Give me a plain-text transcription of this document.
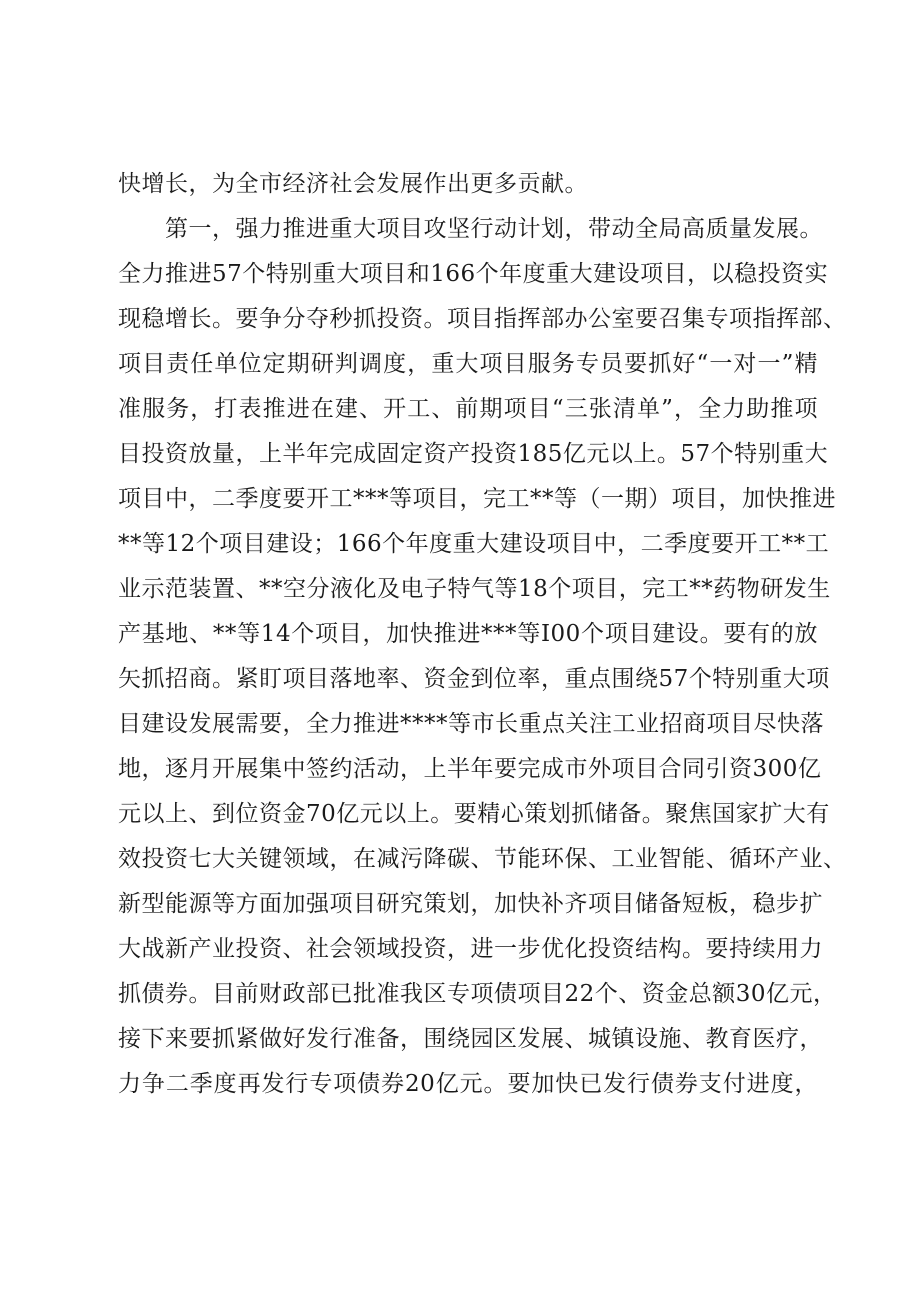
快增长，为全市经济社会发展作出更多贡献。
第一，强力推进重大项目攻坚行动计划，带动全局高质量发展。
全力推进57个特别重大项目和166个年度重大建设项目，以稳投资实
现稳增长。要争分夺秒抓投资。项目指挥部办公室要召集专项指挥部、
项目责任单位定期研判调度，重大项目服务专员要抓好“一对一”精
准服务，打表推进在建、开工、前期项目“三张清单”，全力助推项
目投资放量，上半年完成固定资产投资185亿元以上。57个特别重大
项目中，二季度要开工***等项目，完工**等（一期）项目，加快推进
**等12个项目建设；166个年度重大建设项目中，二季度要开工**工
业示范装置、**空分液化及电子特气等18个项目，完工**药物研发生
产基地、**等14个项目，加快推进***等I00个项目建设。要有的放
矢抓招商。紧盯项目落地率、资金到位率，重点围绕57个特别重大项
目建设发展需要，全力推进****等市长重点关注工业招商项目尽快落
地，逐月开展集中签约活动，上半年要完成市外项目合同引资300亿
元以上、到位资金70亿元以上。要精心策划抓储备。聚焦国家扩大有
效投资七大关键领域，在减污降碳、节能环保、工业智能、循环产业、
新型能源等方面加强项目研究策划，加快补齐项目储备短板，稳步扩
大战新产业投资、社会领域投资，进一步优化投资结构。要持续用力
抓债券。目前财政部已批准我区专项债项目22个、资金总额30亿元，
接下来要抓紧做好发行准备，围绕园区发展、城镇设施、教育医疗，
力争二季度再发行专项债券20亿元。要加快已发行债券支付进度，
